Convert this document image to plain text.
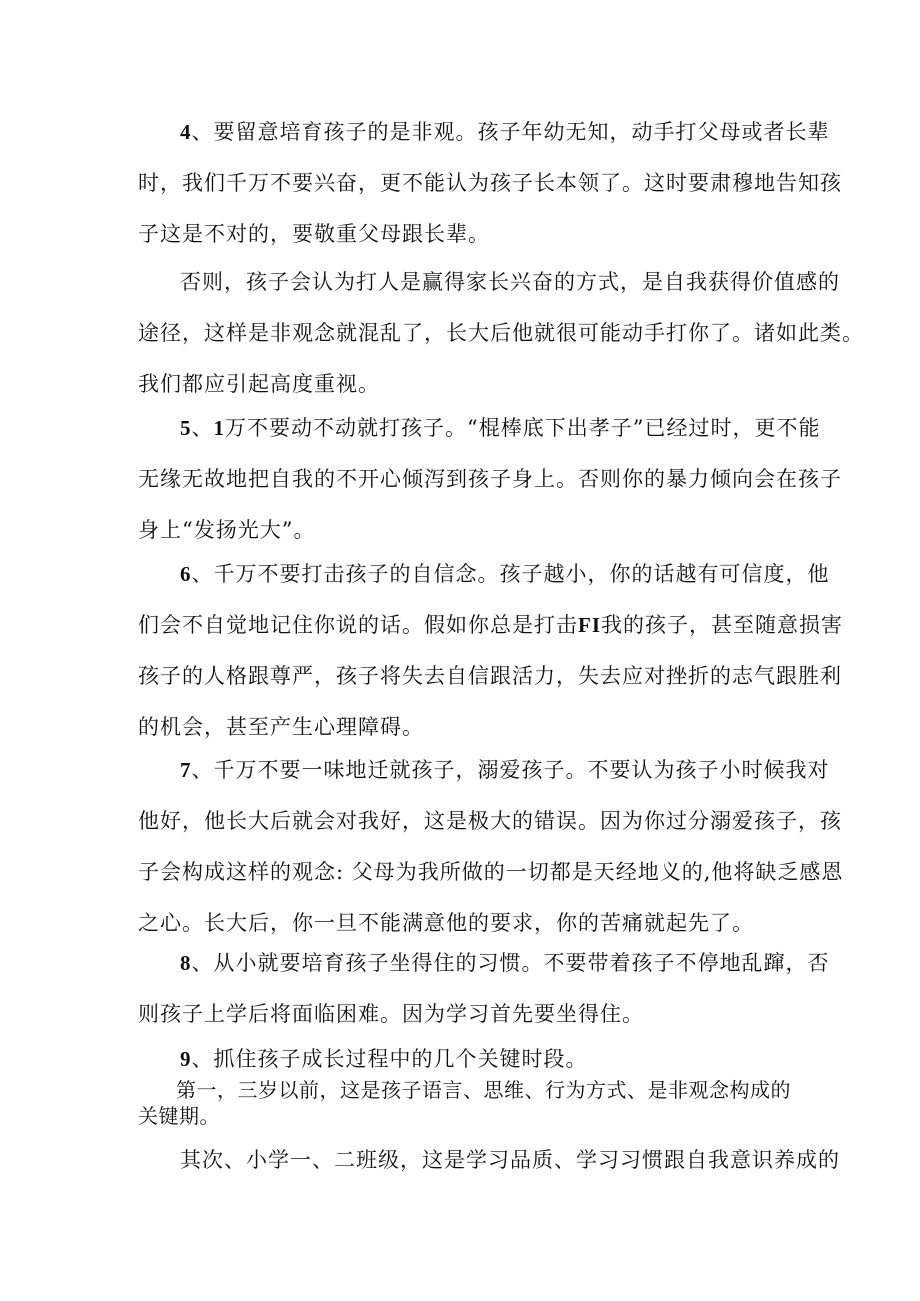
4、要留意培育孩子的是非观。孩子年幼无知，动手打父母或者长辈
时，我们千万不要兴奋，更不能认为孩子长本领了。这时要肃穆地告知孩
子这是不对的，要敬重父母跟长辈。
否则，孩子会认为打人是赢得家长兴奋的方式，是自我获得价值感的
途径，这样是非观念就混乱了，长大后他就很可能动手打你了。诸如此类。
我们都应引起高度重视。
5、1万不要动不动就打孩子。“棍棒底下出孝子”已经过时，更不能
无缘无故地把自我的不开心倾泻到孩子身上。否则你的暴力倾向会在孩子
身上“发扬光大”。
6、千万不要打击孩子的自信念。孩子越小，你的话越有可信度，他
们会不自觉地记住你说的话。假如你总是打击FI我的孩子，甚至随意损害
孩子的人格跟尊严，孩子将失去自信跟活力，失去应对挫折的志气跟胜利
的机会，甚至产生心理障碍。
7、千万不要一味地迁就孩子，溺爱孩子。不要认为孩子小时候我对
他好，他长大后就会对我好，这是极大的错误。因为你过分溺爱孩子，孩
子会构成这样的观念: 父母为我所做的一切都是天经地义的,他将缺乏感恩
之心。长大后，你一旦不能满意他的要求，你的苦痛就起先了。
8、从小就要培育孩子坐得住的习惯。不要带着孩子不停地乱蹿，否
则孩子上学后将面临困难。因为学习首先要坐得住。
9、抓住孩子成长过程中的几个关键时段。
第一，三岁以前，这是孩子语言、思维、行为方式、是非观念构成的
关键期。
其次、小学一、二班级，这是学习品质、学习习惯跟自我意识养成的
